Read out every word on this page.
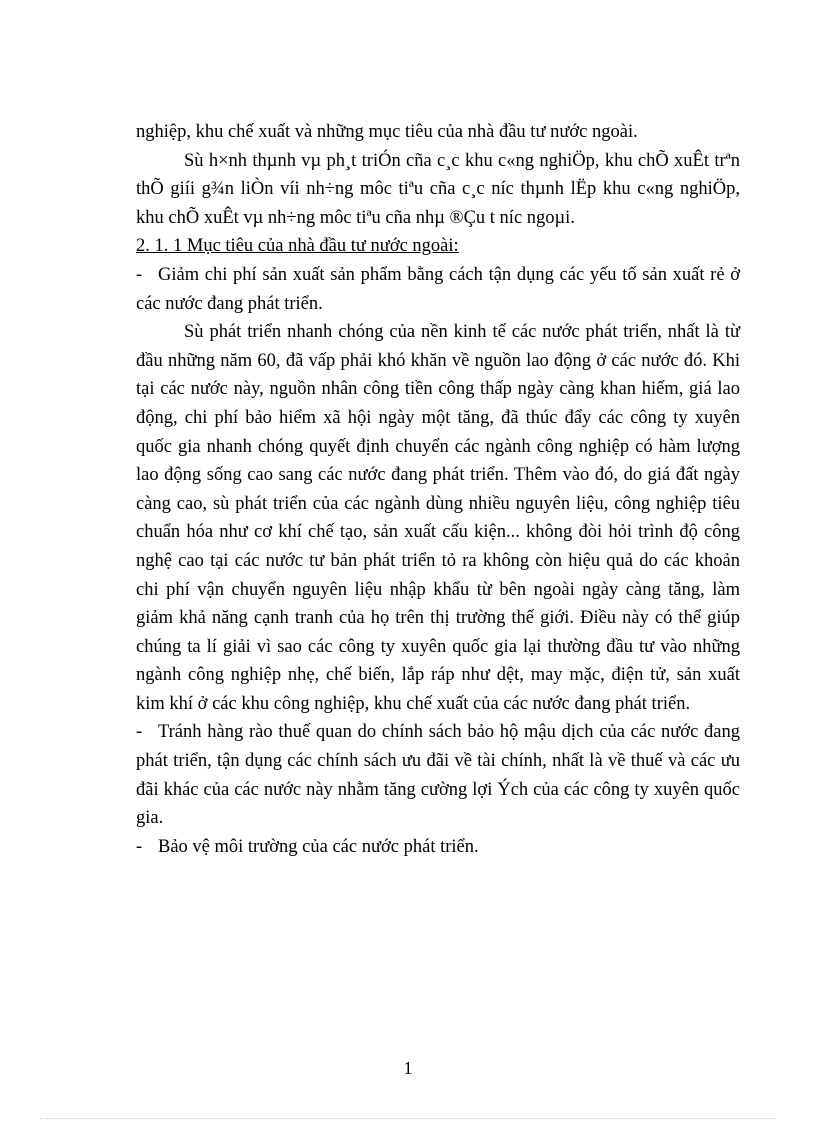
nghiệp, khu chế xuất và những mục tiêu của nhà đầu tư nước ngoài.

Sù h×nh thµnh vµ ph¸t triÓn cña c¸c khu c«ng nghiÖp, khu chÕ xuÊt trªn thÕ giíi g¾n liÒn víi nh÷ng môc tiªu cña c¸c níc thµnh lËp khu c«ng nghiÖp, khu chÕ xuÊt vµ nh÷ng môc tiªu cña nhµ ®Çu t níc ngoµi.

2. 1. 1 Mục tiêu của nhà đầu tư nước ngoài:

- Giảm chi phí sản xuất sản phẩm bằng cách tận dụng các yếu tố sản xuất rẻ ở các nước đang phát triển.

Sù phát triển nhanh chóng của nền kinh tế các nước phát triển, nhất là từ đầu những năm 60, đã vấp phải khó khăn về nguồn lao động ở các nước đó. Khi tại các nước này, nguồn nhân công tiền công thấp ngày càng khan hiếm, giá lao động, chi phí bảo hiểm xã hội ngày một tăng, đã thúc đẩy các công ty xuyên quốc gia nhanh chóng quyết định chuyển các ngành công nghiệp có hàm lượng lao động sống cao sang các nước đang phát triển. Thêm vào đó, do giá đất ngày càng cao, sù phát triển của các ngành dùng nhiều nguyên liệu, công nghiệp tiêu chuẩn hóa như cơ khí chế tạo, sản xuất cấu kiện... không đòi hỏi trình độ công nghệ cao tại các nước tư bản phát triển tỏ ra không còn hiệu quả do các khoản chi phí vận chuyển nguyên liệu nhập khẩu từ bên ngoài ngày càng tăng, làm giảm khả năng cạnh tranh của họ trên thị trường thế giới. Điều này có thể giúp chúng ta lí giải vì sao các công ty xuyên quốc gia lại thường đầu tư vào những ngành công nghiệp nhẹ, chế biến, lắp ráp như dệt, may mặc, điện tử, sản xuất kim khí ở các khu công nghiệp, khu chế xuất của các nước đang phát triển.

- Tránh hàng rào thuế quan do chính sách bảo hộ mậu dịch của các nước đang phát triển, tận dụng các chính sách ưu đãi về tài chính, nhất là về thuế và các ưu đãi khác của các nước này nhằm tăng cường lợi Ých của các công ty xuyên quốc gia.

- Bảo vệ môi trường của các nước phát triển.

1
